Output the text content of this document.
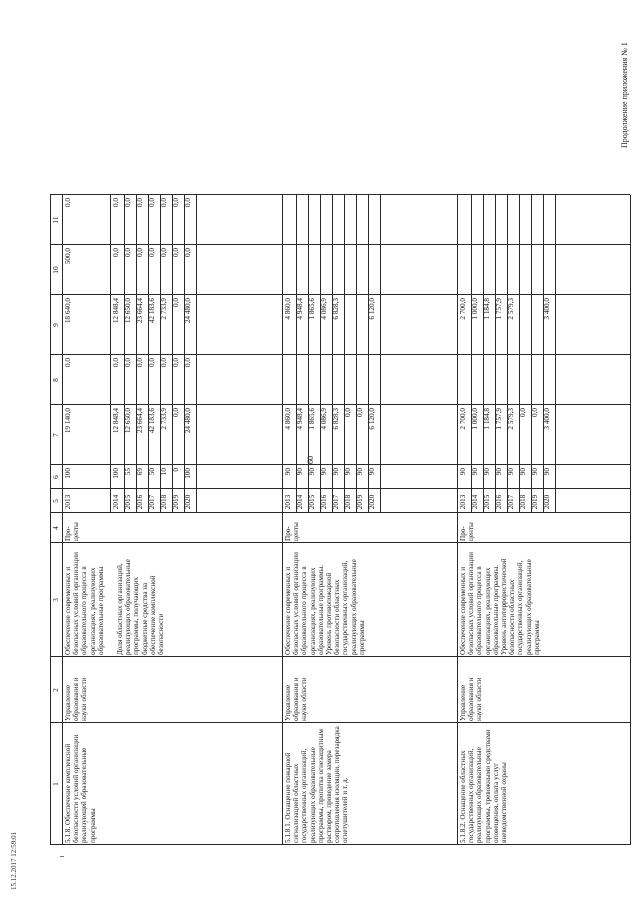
Продолжение приложения № 1
60
15.12.2017 12:59:01
1
2
3
4
5
6
7
8
9
10
11
5.1.8. Обеспечение комплексной безопасности условий организации реализующей образовательные программы
Управление образования и науки области
Обеспечение современных и безопасных условий организации образовательного процесса в организациях, реализующих образовательные программы	Доля областных организаций, реализующих образовательные программы, получающих бюджетные средства на обеспечение комплексной безопасности
Про-центы
2013
100
19 140,0
0,0
18 640,0
500,0
0,0
2014
100
12 848,4
0,0
12 848,4
0,0
0,0
2015
55
12 650,0
0,0
12 650,0
0,0
0,0
2016
69
23 664,4
0,0
23 664,4
0,0
0,0
2017
50
42 183,6
0,0
42 183,6
0,0
0,0
2018
10
2 733,9
0,0
2 733,9
0,0
0,0
2019
0
0,0
0,0
0,0
0,0
0,0
2020
100
24 480,0
0,0
24 480,0
0,0
0,0
5.1.8.1. Оснащение пожарной сигнализацией областных государственных организаций, реализующих образовательные программы, пропитка огнезащитным раствором, проведение замера сопротивления изоляции, перезарядка огнетушителей и т. д.
Управление образования и науки области
Обеспечение современных и безопасных условий организации образовательного процесса в организациях, реализующих образовательные программы. Уровень противопожарной безопасности областных государственных организаций, реализующих образовательные программы
Про-центы
2013
90
4 860,0
4 860,0
2014
90
4 948,4
4 948,4
2015
90
1 865,6
1 865,6
2016
90
4 086,9
4 086,9
2017
90
6 828,3
6 828,3
2018
90
0,0
2019
90
0,0
2020
90
6 120,0
6 120,0
5.1.8.2. Оснащение областных государственных организаций, реализующих образовательные программы, тревожными средствами оповещения, оплата услуг вневедомственной охраны
Управление образования и науки области
Обеспечение современных и безопасных условий организации образовательного процесса в организациях, реализующих образовательные программы. Уровень антитеррористической безопасности областных государственных организаций, реализующих образовательные программы
Про-центы
2013
90
2 700,0
2 700,0
2014
90
1 000,0
1 000,0
2015
90
1 184,8
1 184,8
2016
90
1 757,9
1 757,9
2017
90
2 579,3
2 579,3
2018
90
0,0
2019
90
0,0
2020
90
3 400,0
3 400,0
